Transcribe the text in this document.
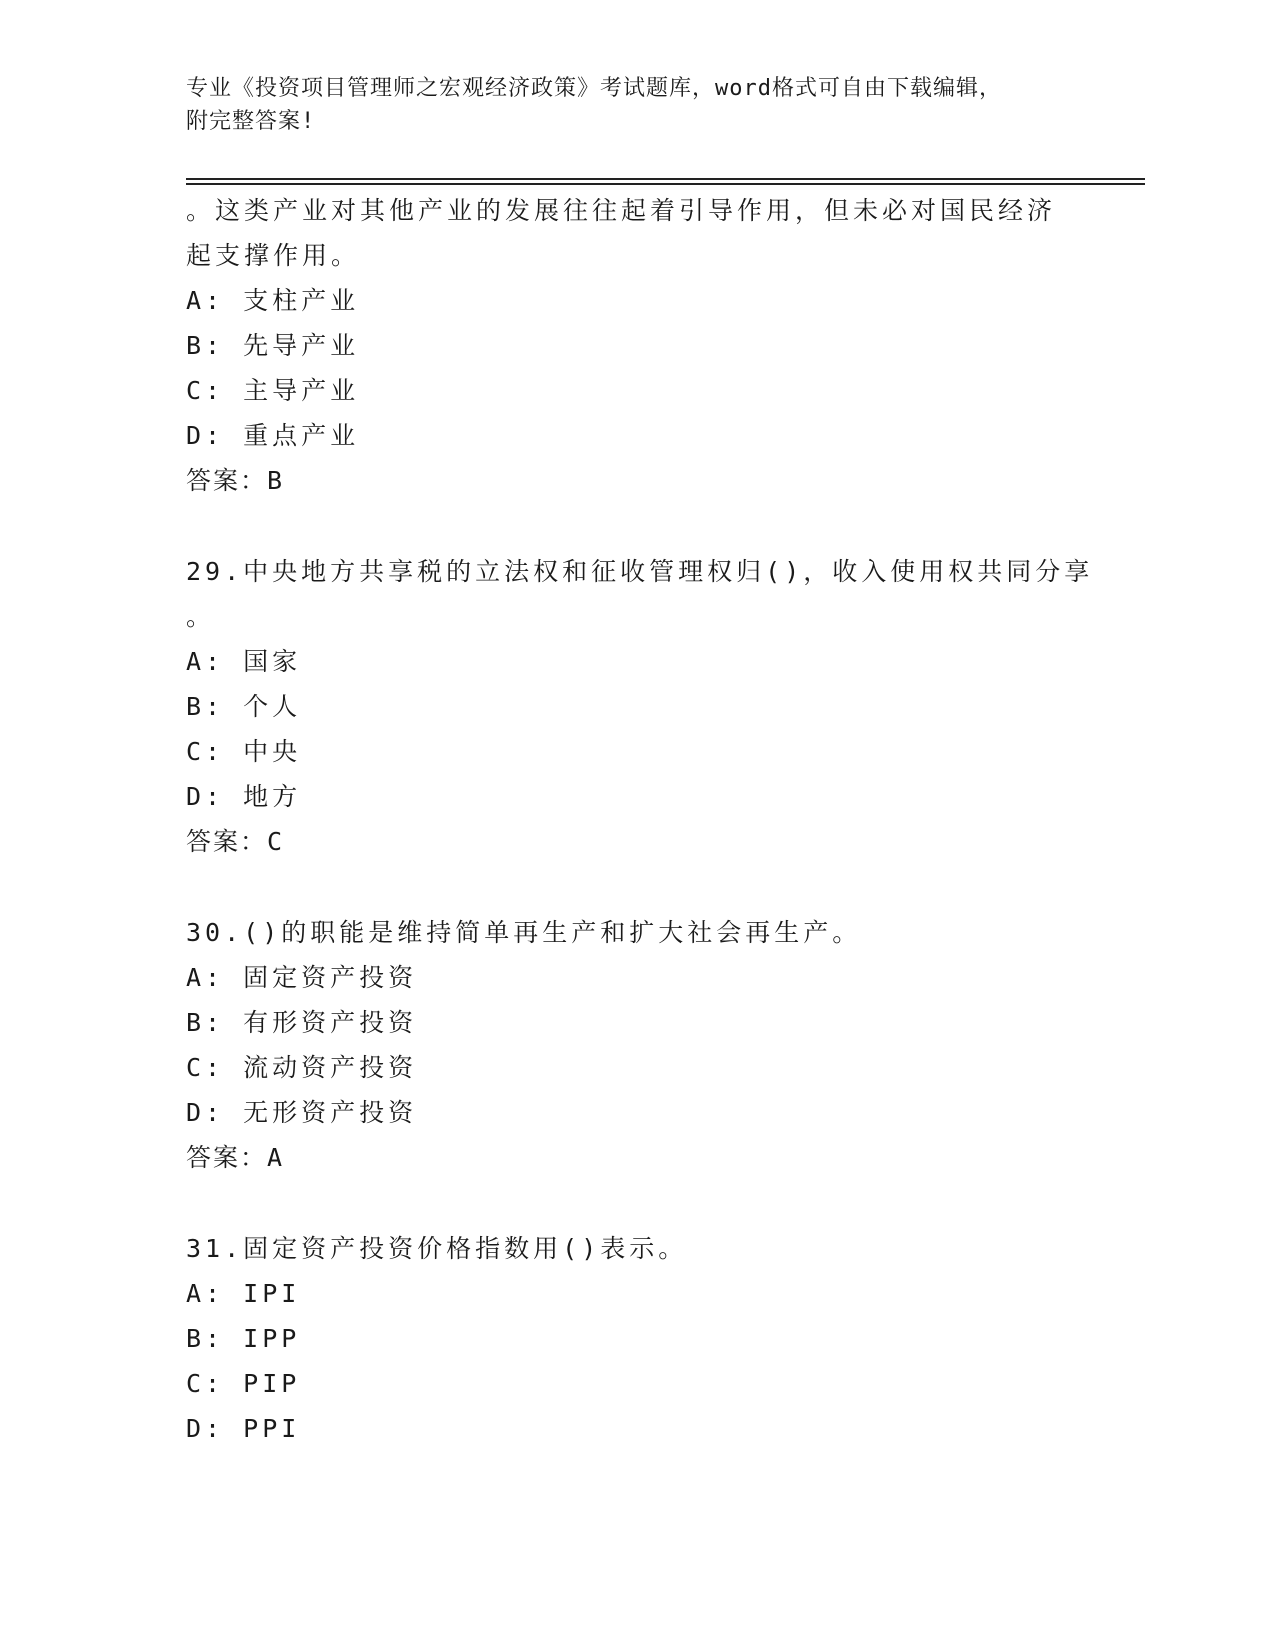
专业《投资项目管理师之宏观经济政策》考试题库，word格式可自由下载编辑，
附完整答案!
。这类产业对其他产业的发展往往起着引导作用，但未必对国民经济
起支撑作用。
A: 支柱产业
B: 先导产业
C: 主导产业
D: 重点产业
答案：B
29.中央地方共享税的立法权和征收管理权归()，收入使用权共同分享
。
A: 国家
B: 个人
C: 中央
D: 地方
答案：C
30.()的职能是维持简单再生产和扩大社会再生产。
A: 固定资产投资
B: 有形资产投资
C: 流动资产投资
D: 无形资产投资
答案：A
31.固定资产投资价格指数用()表示。
A: IPI
B: IPP
C: PIP
D: PPI
